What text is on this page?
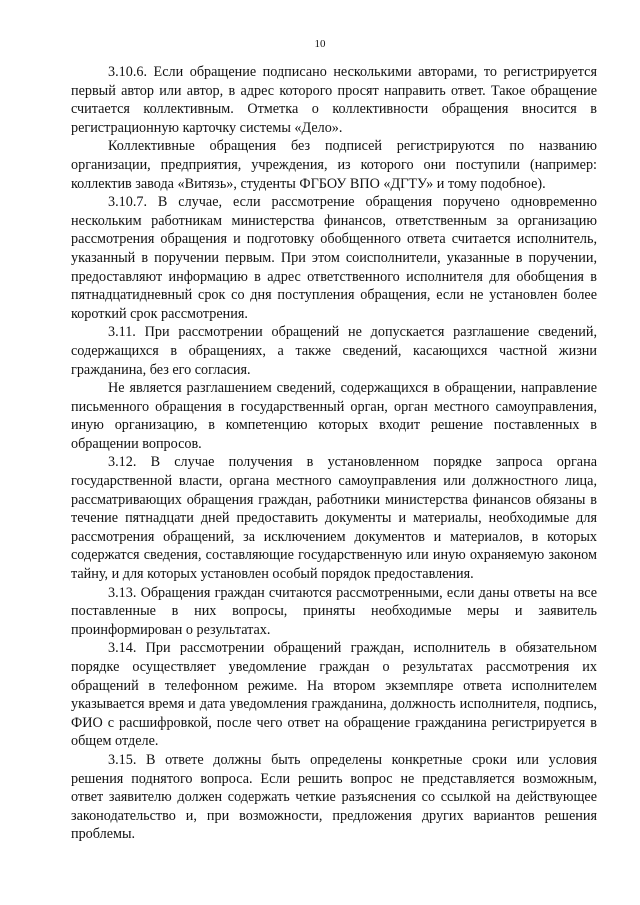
10

3.10.6. Если обращение подписано несколькими авторами, то регистрируется первый автор или автор, в адрес которого просят направить ответ. Такое обращение считается коллективным. Отметка о коллективности обращения вносится в регистрационную карточку системы «Дело».

Коллективные обращения без подписей регистрируются по названию организации, предприятия, учреждения, из которого они поступили (например: коллектив завода «Витязь», студенты ФГБОУ ВПО «ДГТУ» и тому подобное).

3.10.7. В случае, если рассмотрение обращения поручено одновременно нескольким работникам министерства финансов, ответственным за организацию рассмотрения обращения и подготовку обобщенного ответа считается исполнитель, указанный в поручении первым. При этом соисполнители, указанные в поручении, предоставляют информацию в адрес ответственного исполнителя для обобщения в пятнадцатидневный срок со дня поступления обращения, если не установлен более короткий срок рассмотрения.

3.11. При рассмотрении обращений не допускается разглашение сведений, содержащихся в обращениях, а также сведений, касающихся частной жизни гражданина, без его согласия.

Не является разглашением сведений, содержащихся в обращении, направление письменного обращения в государственный орган, орган местного самоуправления, иную организацию, в компетенцию которых входит решение поставленных в обращении вопросов.

3.12. В случае получения в установленном порядке запроса органа государственной власти, органа местного самоуправления или должностного лица, рассматривающих обращения граждан, работники министерства финансов обязаны в течение пятнадцати дней предоставить документы и материалы, необходимые для рассмотрения обращений, за исключением документов и материалов, в которых содержатся сведения, составляющие государственную или иную охраняемую законом тайну, и для которых установлен особый порядок предоставления.

3.13. Обращения граждан считаются рассмотренными, если даны ответы на все поставленные в них вопросы, приняты необходимые меры и заявитель проинформирован о результатах.

3.14. При рассмотрении обращений граждан, исполнитель в обязательном порядке осуществляет уведомление граждан о результатах рассмотрения их обращений в телефонном режиме. На втором экземпляре ответа исполнителем указывается время и дата уведомления гражданина, должность исполнителя, подпись, ФИО с расшифровкой, после чего ответ на обращение гражданина регистрируется в общем отделе.

3.15. В ответе должны быть определены конкретные сроки или условия решения поднятого вопроса. Если решить вопрос не представляется возможным, ответ заявителю должен содержать четкие разъяснения со ссылкой на действующее законодательство и, при возможности, предложения других вариантов решения проблемы.
